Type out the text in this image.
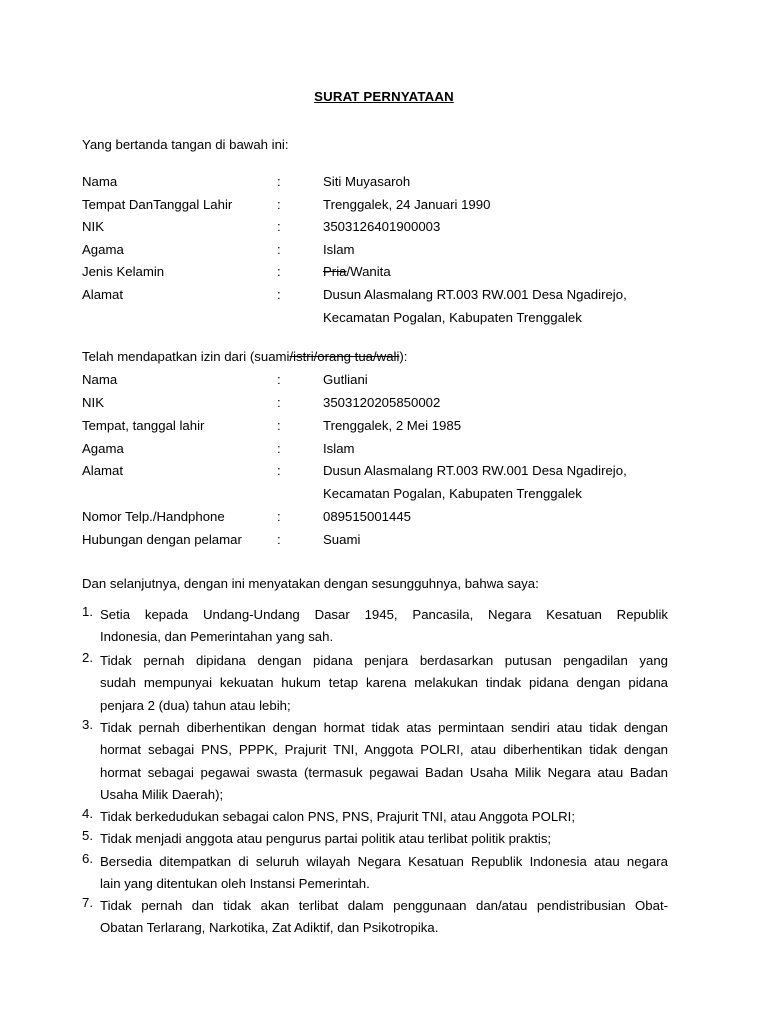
SURAT PERNYATAAN
Yang bertanda tangan di bawah ini:
Nama	:	Siti Muyasaroh
Tempat DanTanggal Lahir	:	Trenggalek, 24 Januari 1990
NIK	:	3503126401900003
Agama	:	Islam
Jenis Kelamin	:	Pria/Wanita
Alamat	:	Dusun Alasmalang RT.003 RW.001 Desa Ngadirejo,
Kecamatan Pogalan, Kabupaten Trenggalek
Telah mendapatkan izin dari (suami/istri/orang tua/wali):
Nama	:	Gutliani
NIK	:	3503120205850002
Tempat, tanggal lahir	:	Trenggalek, 2 Mei 1985
Agama	:	Islam
Alamat	:	Dusun Alasmalang RT.003 RW.001 Desa Ngadirejo,
Kecamatan Pogalan, Kabupaten Trenggalek
Nomor Telp./Handphone	:	089515001445
Hubungan dengan pelamar	:	Suami
Dan selanjutnya, dengan ini menyatakan dengan sesungguhnya, bahwa saya:
1. Setia kepada Undang-Undang Dasar 1945, Pancasila, Negara Kesatuan Republik
Indonesia, dan Pemerintahan yang sah.
2. Tidak pernah dipidana dengan pidana penjara berdasarkan putusan pengadilan yang
sudah mempunyai kekuatan hukum tetap karena melakukan tindak pidana dengan pidana
penjara 2 (dua) tahun atau lebih;
3. Tidak pernah diberhentikan dengan hormat tidak atas permintaan sendiri atau tidak dengan
hormat sebagai PNS, PPPK, Prajurit TNI, Anggota POLRI, atau diberhentikan tidak dengan
hormat sebagai pegawai swasta (termasuk pegawai Badan Usaha Milik Negara atau Badan
Usaha Milik Daerah);
4. Tidak berkedudukan sebagai calon PNS, PNS, Prajurit TNI, atau Anggota POLRI;
5. Tidak menjadi anggota atau pengurus partai politik atau terlibat politik praktis;
6. Bersedia ditempatkan di seluruh wilayah Negara Kesatuan Republik Indonesia atau negara
lain yang ditentukan oleh Instansi Pemerintah.
7. Tidak pernah dan tidak akan terlibat dalam penggunaan dan/atau pendistribusian Obat-
Obatan Terlarang, Narkotika, Zat Adiktif, dan Psikotropika.
